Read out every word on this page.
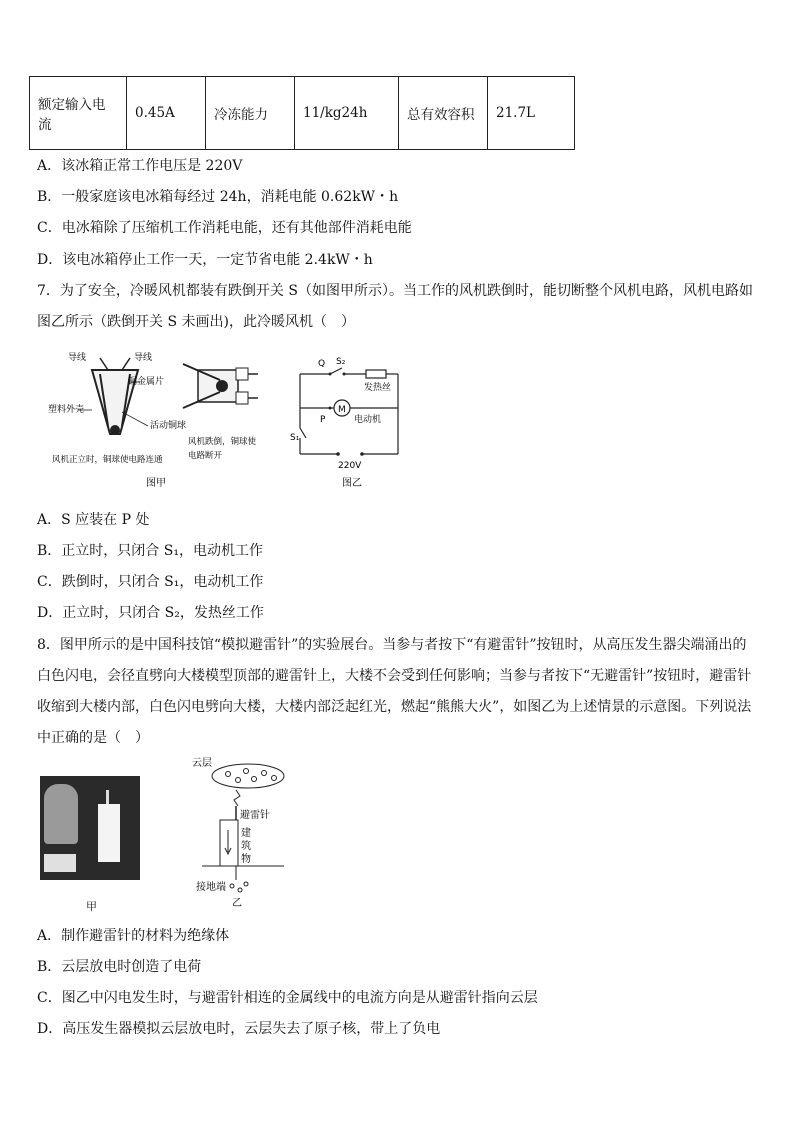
额定输入电流	0.45A	冷冻能力	11/kg24h	总有效容积	21.7L
A．该冰箱正常工作电压是 220V
B．一般家庭该电冰箱每经过 24h，消耗电能 0.62kW・h
C．电冰箱除了压缩机工作消耗电能，还有其他部件消耗电能
D．该电冰箱停止工作一天，一定节省电能 2.4kW・h
7．为了安全，冷暖风机都装有跌倒开关 S（如图甲所示）。当工作的风机跌倒时，能切断整个风机电路，风机电路如
图乙所示（跌倒开关 S 未画出)，此冷暖风机（　）
导线	导线
铜金属片
塑料外壳
活动铜球
风机正立时，铜球使电路连通
风机跌倒，铜球使
电路断开
图甲
Q S₂
发热丝
M
P	电动机
S₁
220V
图乙
A．S 应装在 P 处
B．正立时，只闭合 S₁，电动机工作
C．跌倒时，只闭合 S₁，电动机工作
D．正立时，只闭合 S₂，发热丝工作
8．图甲所示的是中国科技馆“模拟避雷针”的实验展台。当参与者按下“有避雷针”按钮时，从高压发生器尖端涌出的白色闪电，会径直劈向大楼模型顶部的避雷针上，大楼不会受到任何影响；当参与者按下“无避雷针”按钮时，避雷针收缩到大楼内部，白色闪电劈向大楼，大楼内部泛起红光，燃起“熊熊大火”，如图乙为上述情景的示意图。下列说法中正确的是（　）
甲
云层
避雷针
建
筑
物
接地端
乙
A．制作避雷针的材料为绝缘体
B．云层放电时创造了电荷
C．图乙中闪电发生时，与避雷针相连的金属线中的电流方向是从避雷针指向云层
D．高压发生器模拟云层放电时，云层失去了原子核，带上了负电
